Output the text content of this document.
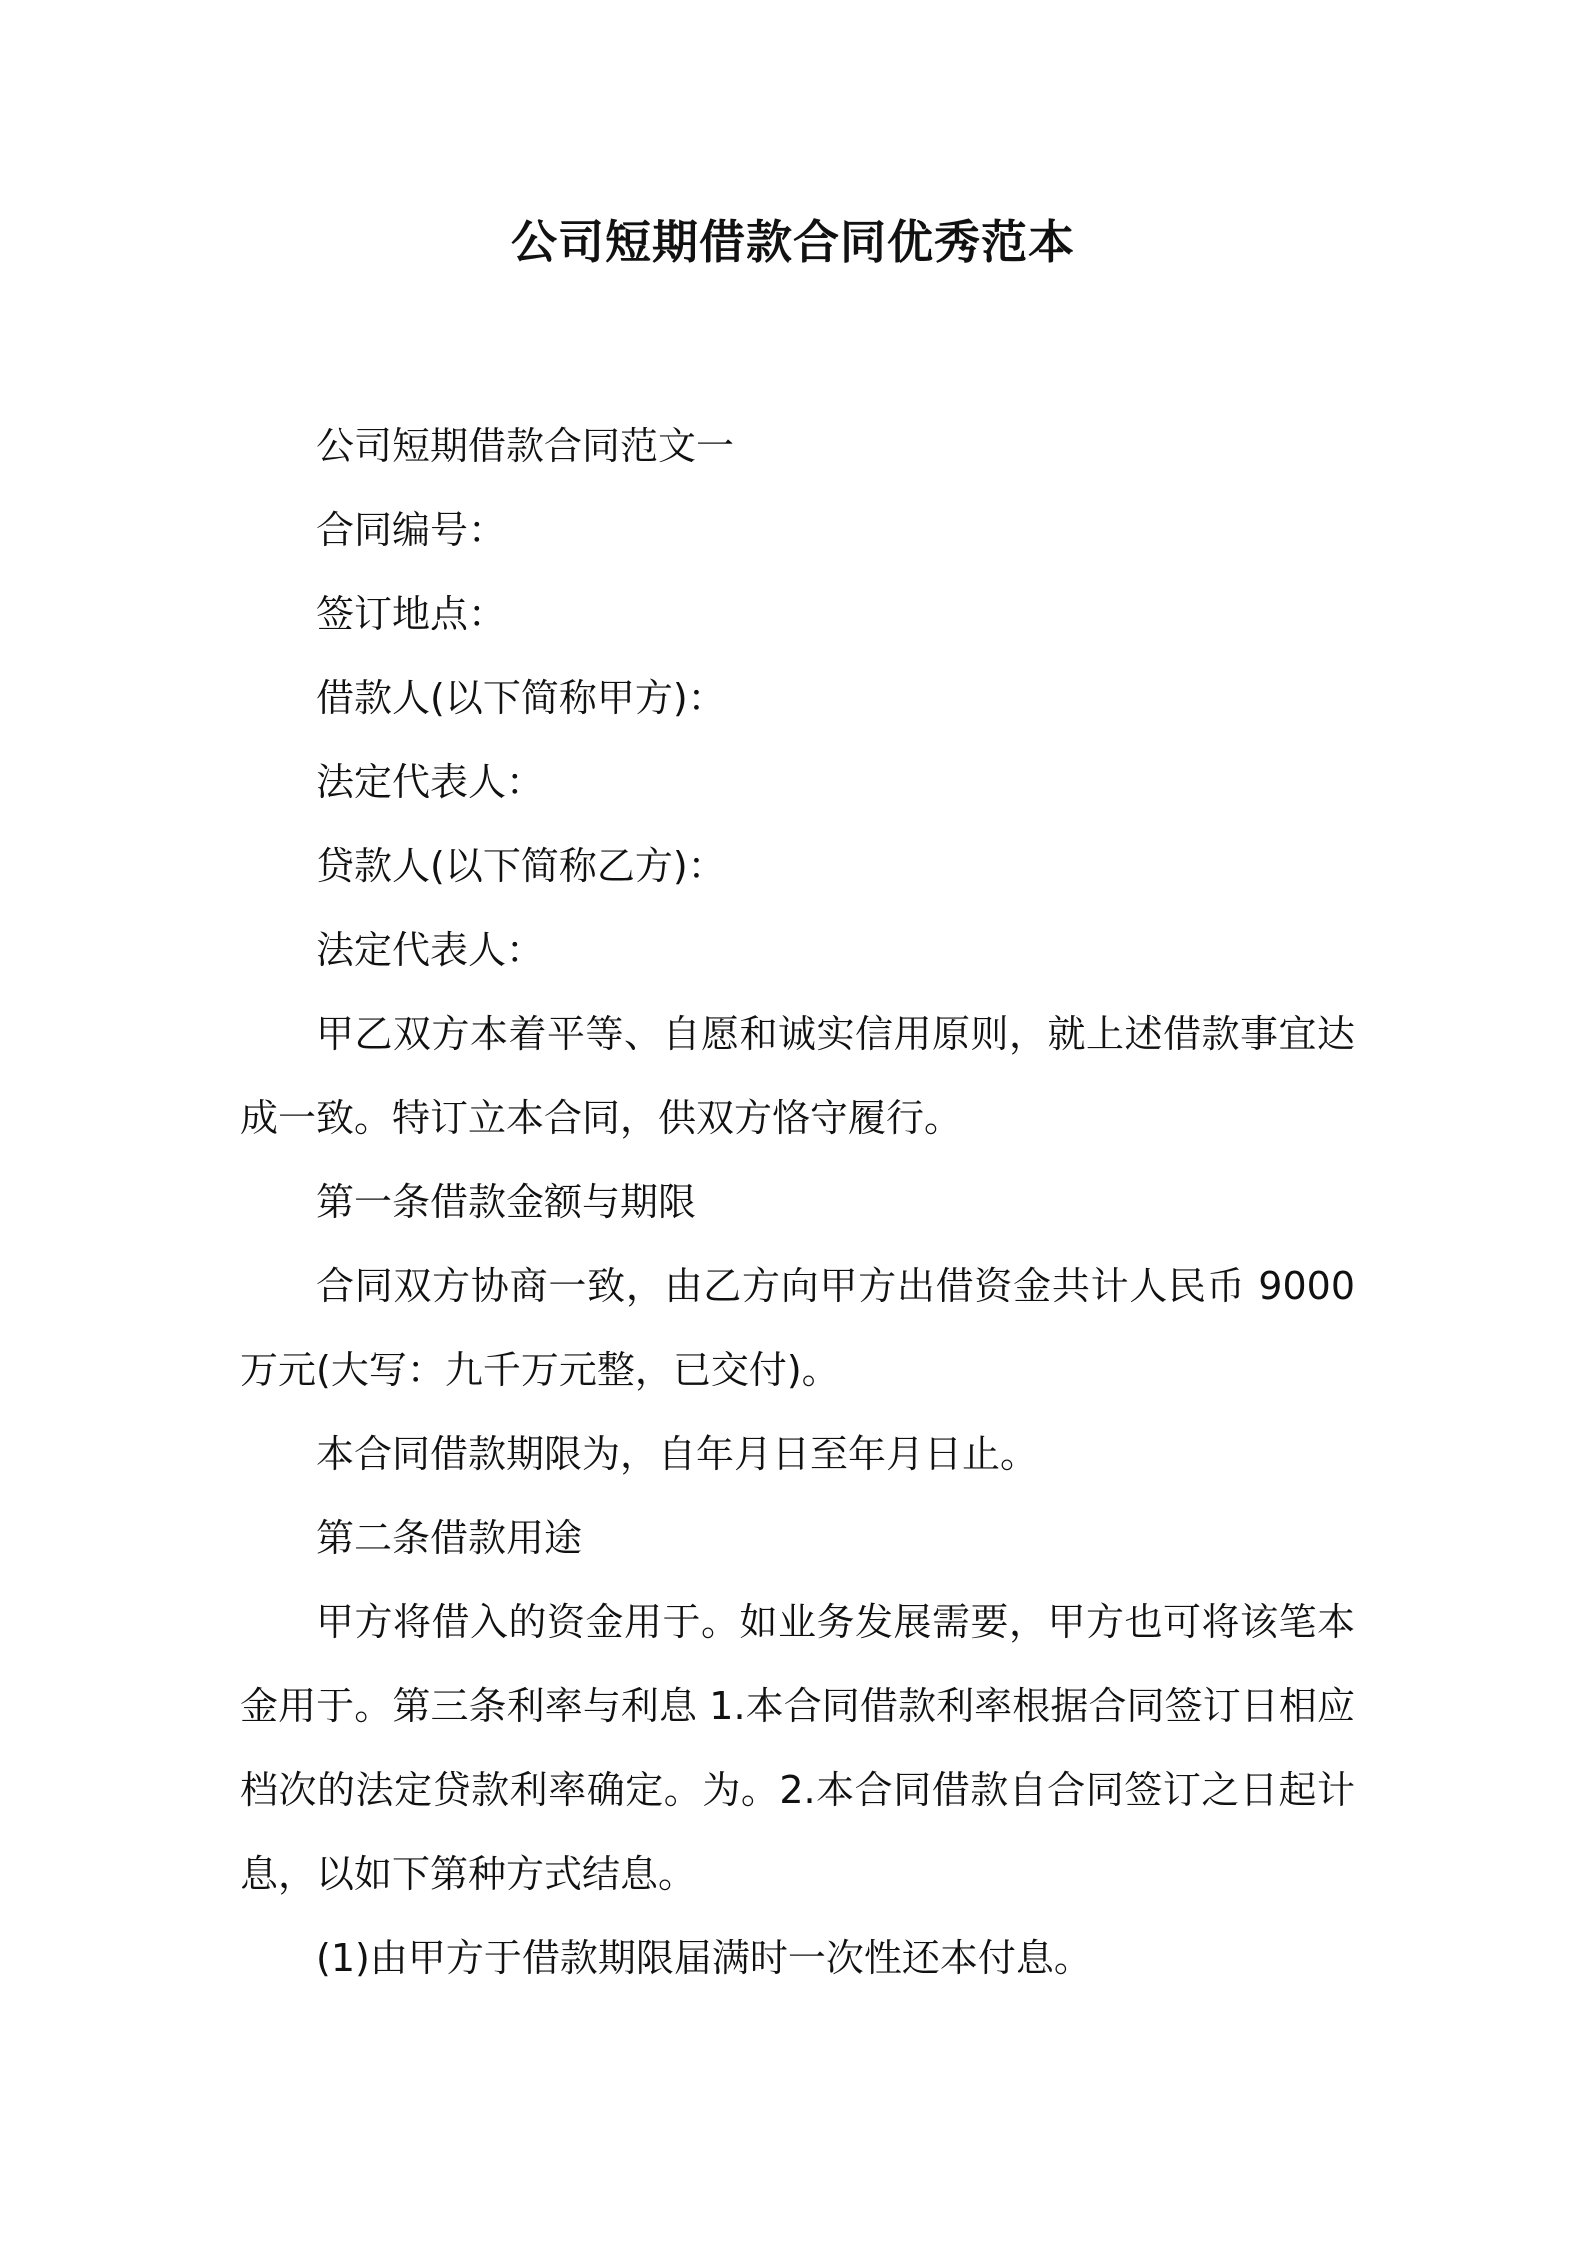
公司短期借款合同优秀范本

公司短期借款合同范文一

合同编号：

签订地点：

借款人(以下简称甲方)：

法定代表人：

贷款人(以下简称乙方)：

法定代表人：

甲乙双方本着平等、自愿和诚实信用原则，就上述借款事宜达成一致。特订立本合同，供双方恪守履行。

第一条借款金额与期限

合同双方协商一致，由乙方向甲方出借资金共计人民币 9000 万元(大写：九千万元整，已交付)。

本合同借款期限为，自年月日至年月日止。

第二条借款用途

甲方将借入的资金用于。如业务发展需要，甲方也可将该笔本金用于。第三条利率与利息 1.本合同借款利率根据合同签订日相应档次的法定贷款利率确定。为。2.本合同借款自合同签订之日起计息，以如下第种方式结息。

(1)由甲方于借款期限届满时一次性还本付息。
